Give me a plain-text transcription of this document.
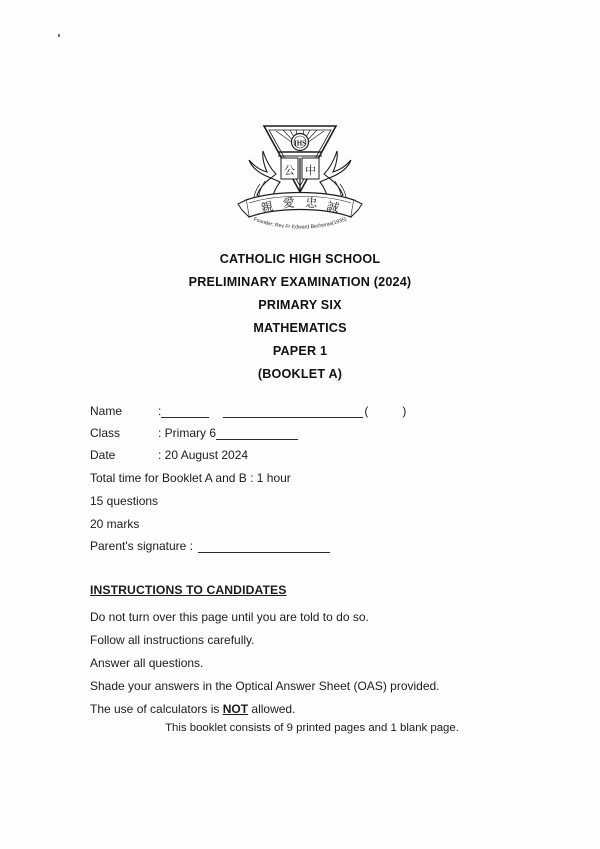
親 愛 忠 誠
公 中
IHS
Founder: Rev Fr Edward Becheras(1935)
CATHOLIC HIGH SCHOOL
PRELIMINARY EXAMINATION (2024)
PRIMARY SIX
MATHEMATICS
PAPER 1
(BOOKLET A)
Name	:	(	)
Class	: Primary 6
Date	: 20 August 2024
Total time for Booklet A and B : 1 hour
15 questions
20 marks
Parent's signature :
INSTRUCTIONS TO CANDIDATES
Do not turn over this page until you are told to do so.
Follow all instructions carefully.
Answer all questions.
Shade your answers in the Optical Answer Sheet (OAS) provided.
The use of calculators is NOT allowed.
This booklet consists of 9 printed pages and 1 blank page.
